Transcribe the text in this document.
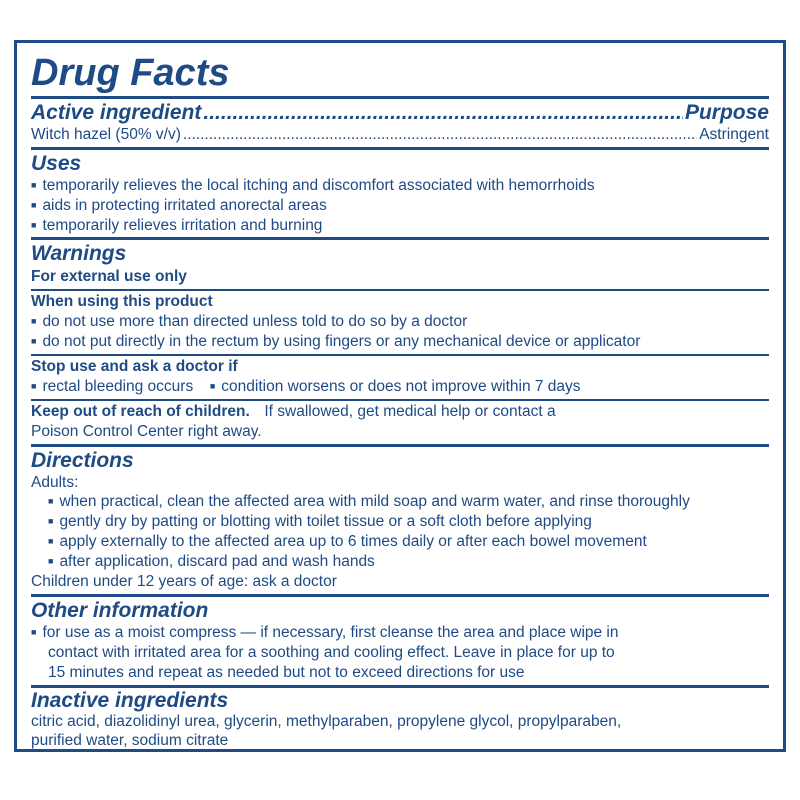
Drug Facts
Active ingredient .....	Purpose
Witch hazel (50% v/v) .....	Astringent
Uses
■ temporarily relieves the local itching and discomfort associated with hemorrhoids
■ aids in protecting irritated anorectal areas
■ temporarily relieves irritation and burning
Warnings
For external use only
When using this product
■ do not use more than directed unless told to do so by a doctor
■ do not put directly in the rectum by using fingers or any mechanical device or applicator
Stop use and ask a doctor if
■ rectal bleeding occurs ■ condition worsens or does not improve within 7 days
Keep out of reach of children. If swallowed, get medical help or contact a
Poison Control Center right away.
Directions
Adults:
■ when practical, clean the affected area with mild soap and warm water, and rinse thoroughly
■ gently dry by patting or blotting with toilet tissue or a soft cloth before applying
■ apply externally to the affected area up to 6 times daily or after each bowel movement
■ after application, discard pad and wash hands
Children under 12 years of age: ask a doctor
Other information
■ for use as a moist compress — if necessary, first cleanse the area and place wipe in
contact with irritated area for a soothing and cooling effect. Leave in place for up to
15 minutes and repeat as needed but not to exceed directions for use
Inactive ingredients
citric acid, diazolidinyl urea, glycerin, methylparaben, propylene glycol, propylparaben,
purified water, sodium citrate
